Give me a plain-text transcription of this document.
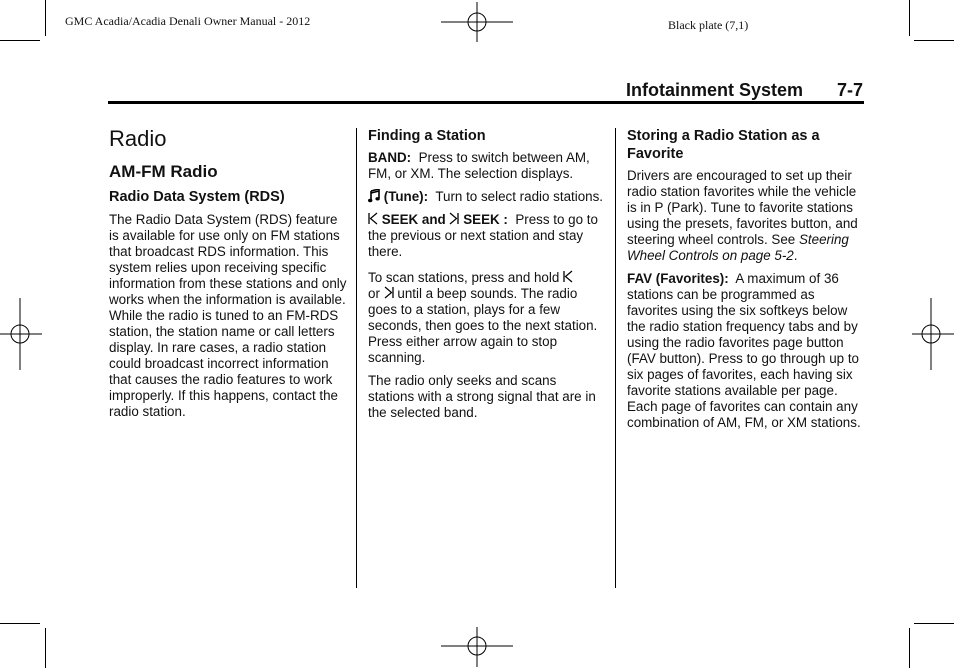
GMC Acadia/Acadia Denali Owner Manual - 2012	Black plate (7,1)
Infotainment System 7-7
Radio
AM-FM Radio
Radio Data System (RDS)

The Radio Data System (RDS) feature is available for use only on FM stations that broadcast RDS information. This system relies upon receiving specific information from these stations and only works when the information is available. While the radio is tuned to an FM-RDS station, the station name or call letters display. In rare cases, a radio station could broadcast incorrect information that causes the radio features to work improperly. If this happens, contact the radio station.

Finding a Station

BAND: Press to switch between AM, FM, or XM. The selection displays.

(Tune): Turn to select radio stations.

SEEK and SEEK : Press to go to the previous or next station and stay there.

To scan stations, press and hold
or until a beep sounds. The radio goes to a station, plays for a few seconds, then goes to the next station. Press either arrow again to stop scanning.

The radio only seeks and scans stations with a strong signal that are in the selected band.

Storing a Radio Station as a Favorite

Drivers are encouraged to set up their radio station favorites while the vehicle is in P (Park). Tune to favorite stations using the presets, favorites button, and steering wheel controls. See Steering Wheel Controls on page 5-2.

FAV (Favorites): A maximum of 36 stations can be programmed as favorites using the six softkeys below the radio station frequency tabs and by using the radio favorites page button (FAV button). Press to go through up to six pages of favorites, each having six favorite stations available per page. Each page of favorites can contain any combination of AM, FM, or XM stations.
